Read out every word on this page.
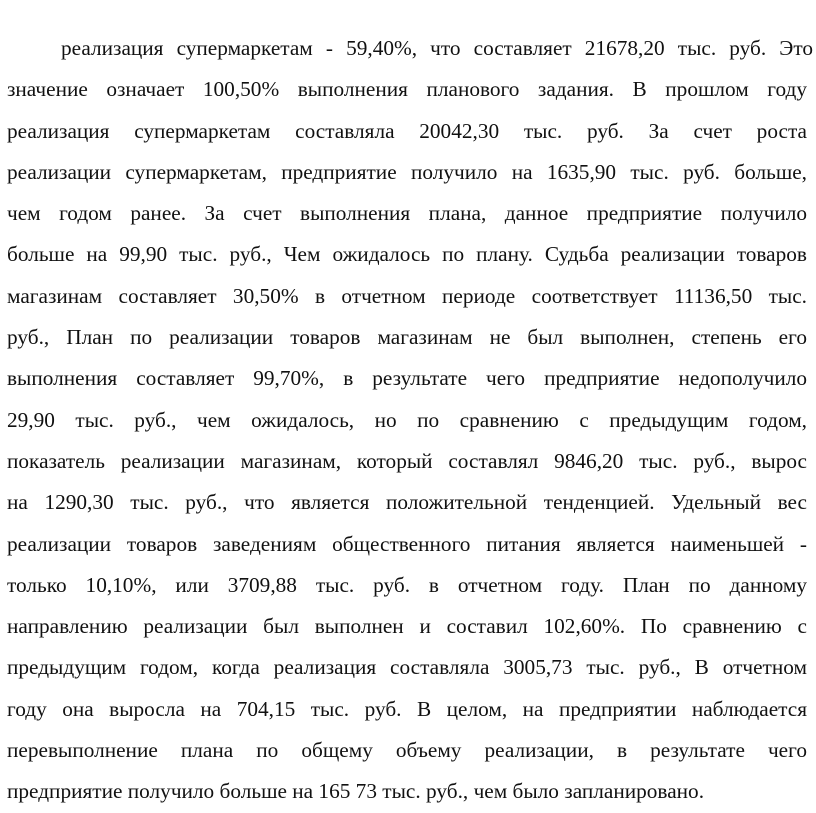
реализация супермаркетам - 59,40%, что составляет 21678,20 тыс. руб. Это
значение означает 100,50% выполнения планового задания. В прошлом году
реализация супермаркетам составляла 20042,30 тыс. руб. За счет роста
реализации супермаркетам, предприятие получило на 1635,90 тыс. руб. больше,
чем годом ранее. За счет выполнения плана, данное предприятие получило
больше на 99,90 тыс. руб., Чем ожидалось по плану. Судьба реализации товаров
магазинам составляет 30,50% в отчетном периоде соответствует 11136,50 тыс.
руб., План по реализации товаров магазинам не был выполнен, степень его
выполнения составляет 99,70%, в результате чего предприятие недополучило
29,90 тыс. руб., чем ожидалось, но по сравнению с предыдущим годом,
показатель реализации магазинам, который составлял 9846,20 тыс. руб., вырос
на 1290,30 тыс. руб., что является положительной тенденцией. Удельный вес
реализации товаров заведениям общественного питания является наименьшей -
только 10,10%, или 3709,88 тыс. руб. в отчетном году. План по данному
направлению реализации был выполнен и составил 102,60%. По сравнению с
предыдущим годом, когда реализация составляла 3005,73 тыс. руб., В отчетном
году она выросла на 704,15 тыс. руб. В целом, на предприятии наблюдается
перевыполнение плана по общему объему реализации, в результате чего
предприятие получило больше на 165 73 тыс. руб., чем было запланировано.
